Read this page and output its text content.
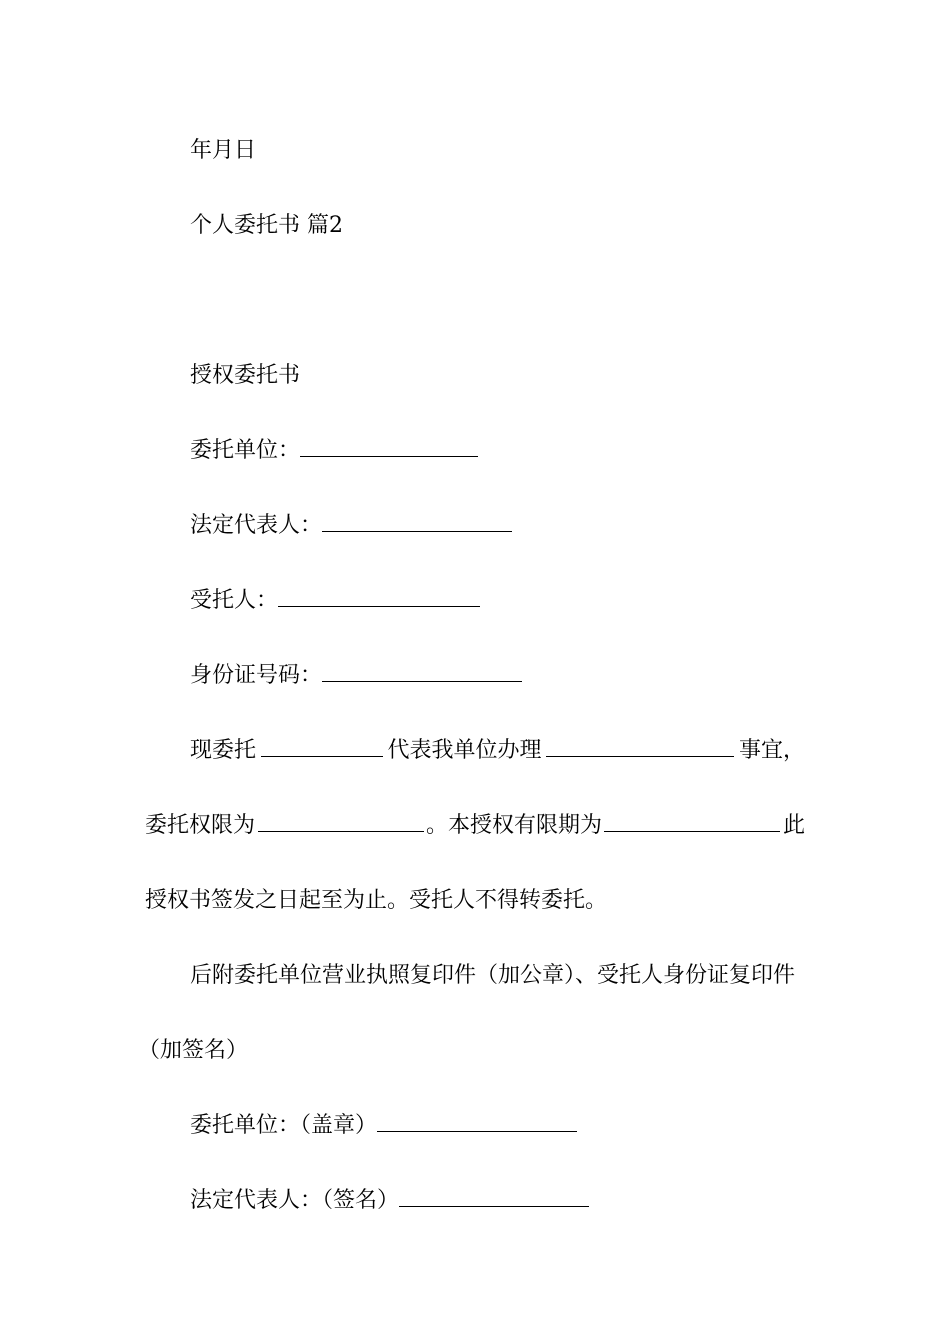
年月日
个人委托书 篇2
授权委托书
委托单位：
法定代表人：
受托人：
身份证号码：
现委托	代表我单位办理	事宜，
委托权限为	。本授权有限期为	此
授权书签发之日起至为止。受托人不得转委托。
后附委托单位营业执照复印件（加公章）、受托人身份证复印件
（加签名）
委托单位：（盖章）
法定代表人：（签名）
